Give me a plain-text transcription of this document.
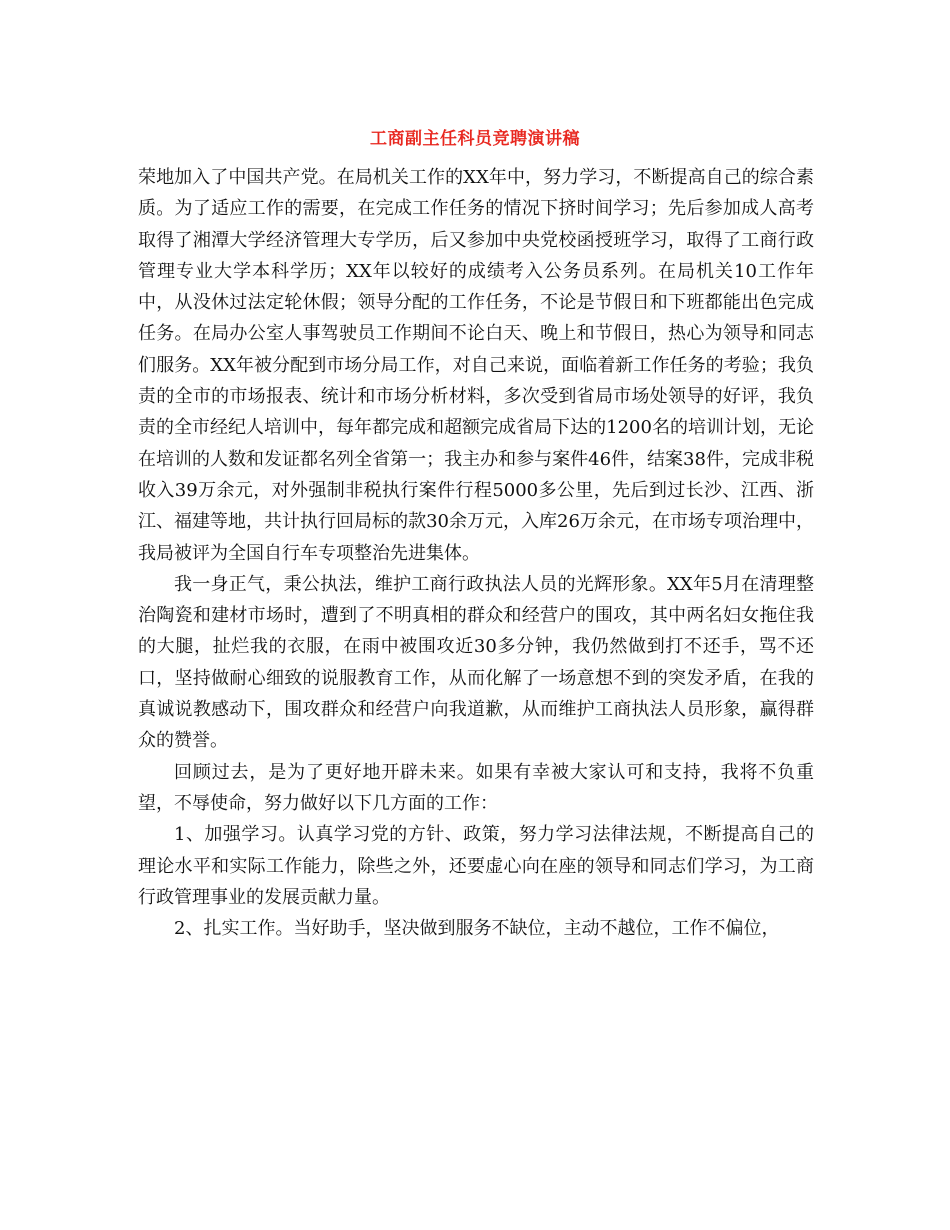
工商副主任科员竞聘演讲稿

荣地加入了中国共产党。在局机关工作的XX年中，努力学习，不断提高自己的综合素质。为了适应工作的需要，在完成工作任务的情况下挤时间学习；先后参加成人高考取得了湘潭大学经济管理大专学历，后又参加中央党校函授班学习，取得了工商行政管理专业大学本科学历；XX年以较好的成绩考入公务员系列。在局机关10工作年中，从没休过法定轮休假；领导分配的工作任务，不论是节假日和下班都能出色完成任务。在局办公室人事驾驶员工作期间不论白天、晚上和节假日，热心为领导和同志们服务。XX年被分配到市场分局工作，对自己来说，面临着新工作任务的考验；我负责的全市的市场报表、统计和市场分析材料，多次受到省局市场处领导的好评，我负责的全市经纪人培训中，每年都完成和超额完成省局下达的1200名的培训计划，无论在培训的人数和发证都名列全省第一；我主办和参与案件46件，结案38件，完成非税收入39万余元，对外强制非税执行案件行程5000多公里，先后到过长沙、江西、浙江、福建等地，共计执行回局标的款30余万元，入库26万余元，在市场专项治理中，我局被评为全国自行车专项整治先进集体。

我一身正气，秉公执法，维护工商行政执法人员的光辉形象。XX年5月在清理整治陶瓷和建材市场时，遭到了不明真相的群众和经营户的围攻，其中两名妇女拖住我的大腿，扯烂我的衣服，在雨中被围攻近30多分钟，我仍然做到打不还手，骂不还口，坚持做耐心细致的说服教育工作，从而化解了一场意想不到的突发矛盾，在我的真诚说教感动下，围攻群众和经营户向我道歉，从而维护工商执法人员形象，赢得群众的赞誉。

回顾过去，是为了更好地开辟未来。如果有幸被大家认可和支持，我将不负重望，不辱使命，努力做好以下几方面的工作：

1、加强学习。认真学习党的方针、政策，努力学习法律法规，不断提高自己的理论水平和实际工作能力，除些之外，还要虚心向在座的领导和同志们学习，为工商行政管理事业的发展贡献力量。

2、扎实工作。当好助手，坚决做到服务不缺位，主动不越位，工作不偏位，
